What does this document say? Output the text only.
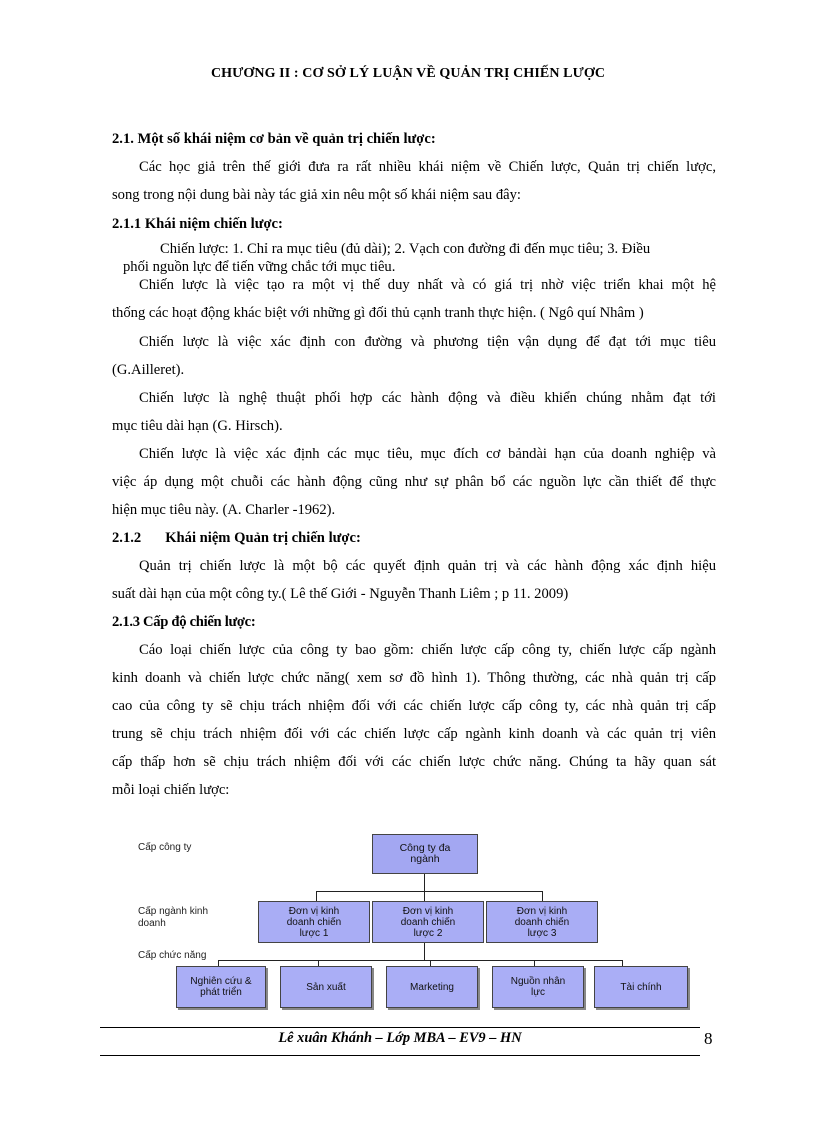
CHƯƠNG II : CƠ SỞ LÝ LUẬN VỀ QUẢN TRỊ CHIẾN LƯỢC
2.1. Một số khái niệm cơ bản về quản trị chiến lược:
Các học giả trên thế giới đưa ra rất nhiều khái niệm về Chiến lược, Quản trị chiến lược,
song trong nội dung bài này tác giả xin nêu một số khái niệm sau đây:
2.1.1 Khái niệm chiến lược:
Chiến lược: 1. Chỉ ra mục tiêu (đủ dài); 2. Vạch con đường đi đến mục tiêu; 3. Điều
phối nguồn lực để tiến vững chắc tới mục tiêu.
Chiến lược là việc tạo ra một vị thế duy nhất và có giá trị nhờ việc triển khai một hệ
thống các hoạt động khác biệt với những gì đối thủ cạnh tranh thực hiện. ( Ngô quí Nhâm )
Chiến lược là việc xác định con đường và phương tiện vận dụng để đạt tới mục tiêu
(G.Ailleret).
Chiến lược là nghệ thuật phối hợp các hành động và điều khiển chúng nhằm đạt tới
mục tiêu dài hạn (G. Hirsch).
Chiến lược là việc xác định các mục tiêu, mục đích cơ bảndài hạn của doanh nghiệp và
việc áp dụng một chuỗi các hành động cũng như sự phân bổ các nguồn lực cần thiết để thực
hiện mục tiêu này. (A. Charler -1962).
2.1.2 Khái niệm Quản trị chiến lược:
Quản trị chiến lược là một bộ các quyết định quản trị và các hành động xác định hiệu
suất dài hạn của một công ty.( Lê thế Giới - Nguyễn Thanh Liêm ; p 11. 2009)
2.1.3 Cấp độ chiến lược:
Cáo loại chiến lược của công ty bao gồm: chiến lược cấp công ty, chiến lược cấp ngành
kinh doanh và chiến lược chức năng( xem sơ đồ hình 1). Thông thường, các nhà quản trị cấp
cao của công ty sẽ chịu trách nhiệm đối với các chiến lược cấp công ty, các nhà quản trị cấp
trung sẽ chịu trách nhiệm đối với các chiến lược cấp ngành kinh doanh và các quản trị viên
cấp thấp hơn sẽ chịu trách nhiệm đối với các chiến lược chức năng. Chúng ta hãy quan sát
mỗi loại chiến lược:
Cấp công ty
Cấp ngành kinh
doanh
Cấp chức năng
Công ty đa
ngành
Đơn vị kinh
doanh chiến
lược 1
Đơn vị kinh
doanh chiến
lược 2
Đơn vị kinh
doanh chiến
lược 3
Nghiên cứu &
phát triển	Sản xuất	Marketing	Nguồn nhân
lực	Tài chính
Lê xuân Khánh – Lớp MBA – EV9 – HN	8
